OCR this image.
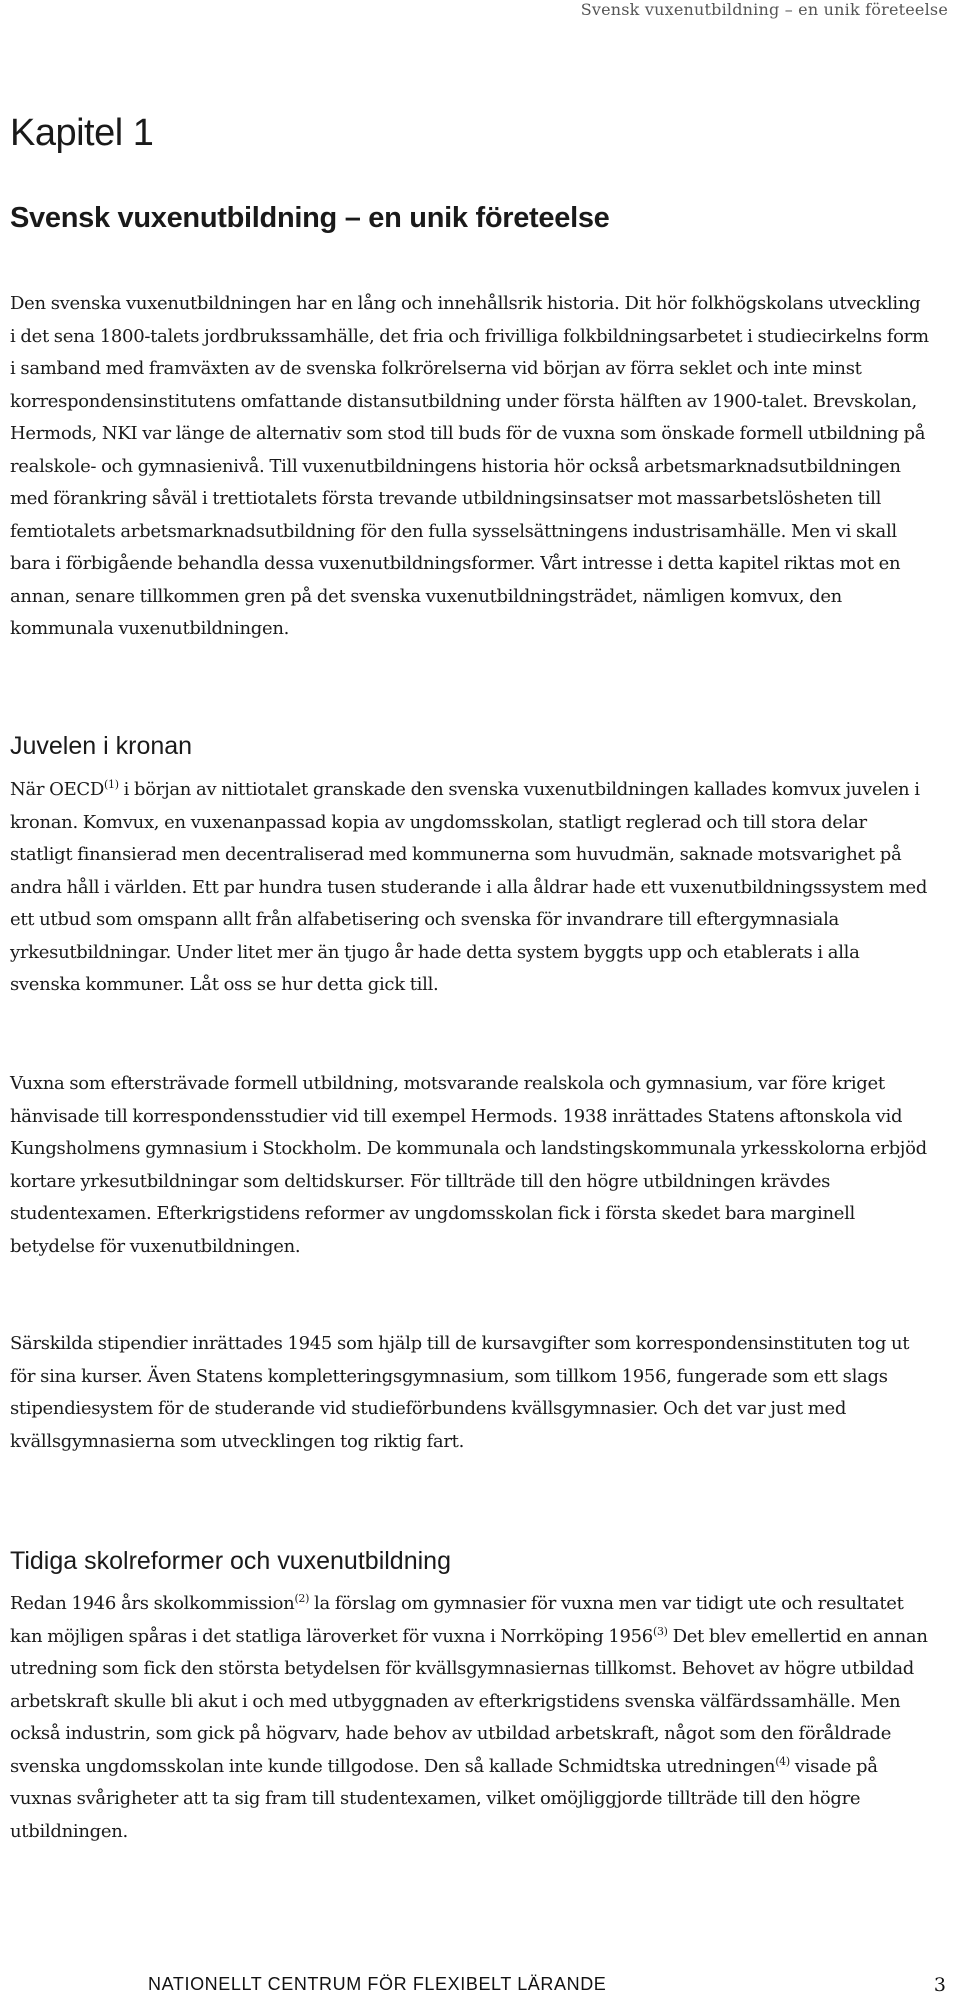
Svensk vuxenutbildning – en unik företeelse
Kapitel 1
Svensk vuxenutbildning – en unik företeelse

Den svenska vuxenutbildningen har en lång och innehållsrik historia. Dit hör folkhögskolans utveckling i det sena 1800-talets jordbrukssamhälle, det fria och frivilliga folkbildningsarbetet i studiecirkelns form i samband med framväxten av de svenska folkrörelserna vid början av förra seklet och inte minst korrespondensinstitutens omfattande distansutbildning under första hälften av 1900-talet. Brevskolan, Hermods, NKI var länge de alternativ som stod till buds för de vuxna som önskade formell utbildning på realskole- och gymnasienivå. Till vuxenutbildningens historia hör också arbetsmarknadsutbildningen med förankring såväl i trettiotalets första trevande utbildningsinsatser mot massarbetslösheten till femtiotalets arbetsmarknadsutbildning för den fulla sysselsättningens industrisamhälle. Men vi skall bara i förbigående behandla dessa vuxenutbildningsformer. Vårt intresse i detta kapitel riktas mot en annan, senare tillkommen gren på det svenska vuxenutbildningsträdet, nämligen komvux, den kommunala vuxenutbildningen.

Juvelen i kronan

När OECD$^{(1)}$ i början av nittiotalet granskade den svenska vuxenutbildningen kallades komvux juvelen i kronan. Komvux, en vuxenanpassad kopia av ungdomsskolan, statligt reglerad och till stora delar statligt finansierad men decentraliserad med kommunerna som huvudmän, saknade motsvarighet på andra håll i världen. Ett par hundra tusen studerande i alla åldrar hade ett vuxenutbildningssystem med ett utbud som omspann allt från alfabetisering och svenska för invandrare till eftergymnasiala yrkesutbildningar. Under litet mer än tjugo år hade detta system byggts upp och etablerats i alla svenska kommuner. Låt oss se hur detta gick till.

Vuxna som eftersträvade formell utbildning, motsvarande realskola och gymnasium, var före kriget hänvisade till korrespondensstudier vid till exempel Hermods. 1938 inrättades Statens aftonskola vid Kungsholmens gymnasium i Stockholm. De kommunala och landstingskommunala yrkesskolorna erbjöd kortare yrkesutbildningar som deltidskurser. För tillträde till den högre utbildningen krävdes studentexamen. Efterkrigstidens reformer av ungdomsskolan fick i första skedet bara marginell betydelse för vuxenutbildningen.

Särskilda stipendier inrättades 1945 som hjälp till de kursavgifter som korrespondensinstituten tog ut för sina kurser. Även Statens kompletteringsgymnasium, som tillkom 1956, fungerade som ett slags stipendiesystem för de studerande vid studieförbundens kvällsgymnasier. Och det var just med kvällsgymnasierna som utvecklingen tog riktig fart.

Tidiga skolreformer och vuxenutbildning

Redan 1946 års skolkommission$^{(2)}$ la förslag om gymnasier för vuxna men var tidigt ute och resultatet kan möjligen spåras i det statliga läroverket för vuxna i Norrköping 1956$^{(3)}$ Det blev emellertid en annan utredning som fick den största betydelsen för kvällsgymnasiernas tillkomst. Behovet av högre utbildad arbetskraft skulle bli akut i och med utbyggnaden av efterkrigstidens svenska välfärdssamhälle. Men också industrin, som gick på högvarv, hade behov av utbildad arbetskraft, något som den föråldrade svenska ungdomsskolan inte kunde tillgodose. Den så kallade Schmidtska utredningen$^{(4)}$ visade på vuxnas svårigheter att ta sig fram till studentexamen, vilket omöjliggjorde tillträde till den högre utbildningen.

NATIONELLT CENTRUM FÖR FLEXIBELT LÄRANDE	3
